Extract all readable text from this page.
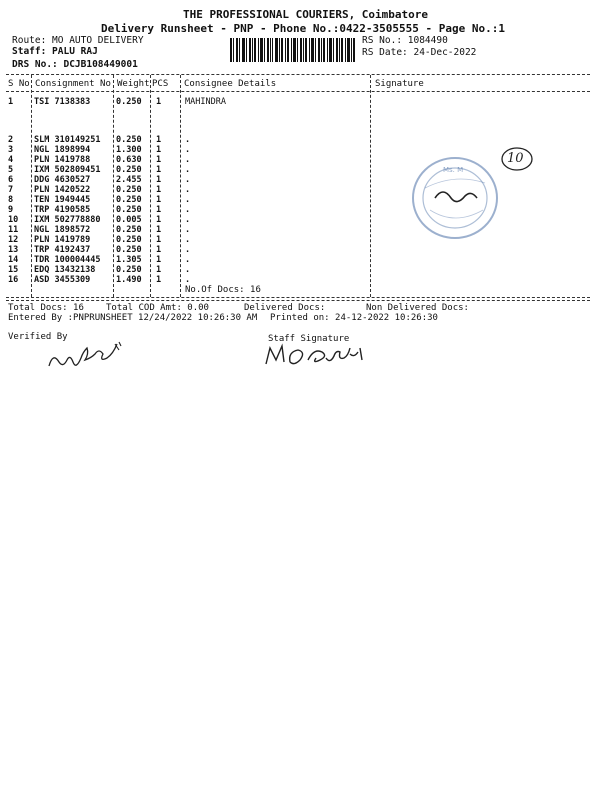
THE PROFESSIONAL COURIERS, Coimbatore
Delivery Runsheet - PNP - Phone No.:0422-3505555 - Page No.:1
Route: MO AUTO DELIVERY
Staff: PALU RAJ
DRS No.: DCJB108449001
RS No.: 1084490
RS Date: 24-Dec-2022
S No Consignment No Weight PCS Consignee Details	Signature
1 TSI 7138383	0.250 1	MAHINDRA
2 SLM 310149251 0.250 1	.
3 NGL 1898994	1.300 1	.
4 PLN 1419788	0.630 1	.
5 IXM 502809451 0.250 1	.
6 DDG 4630527	2.455 1	.
7 PLN 1420522	0.250 1	.
8 TEN 1949445	0.250 1	.
9 TRP 4190585	0.250 1	.
10 IXM 502778880 0.005 1	.
11 NGL 1898572	0.250 1	.
12 PLN 1419789	0.250 1	.
13 TRP 4192437	0.250 1	.
14 TDR 100004445 1.305 1	.
15 EDQ 13432138 0.250 1	.
16 ASD 3455309	1.490 1	.
No.Of Docs: 16
Ms. M
10
Total Docs: 16 Total COD Amt: 0.00	Delivered Docs:	Non Delivered Docs:
Entered By :PNPRUNSHEET 12/24/2022 10:26:30 AM Printed on: 24-12-2022 10:26:30
Verified By	Staff Signature
